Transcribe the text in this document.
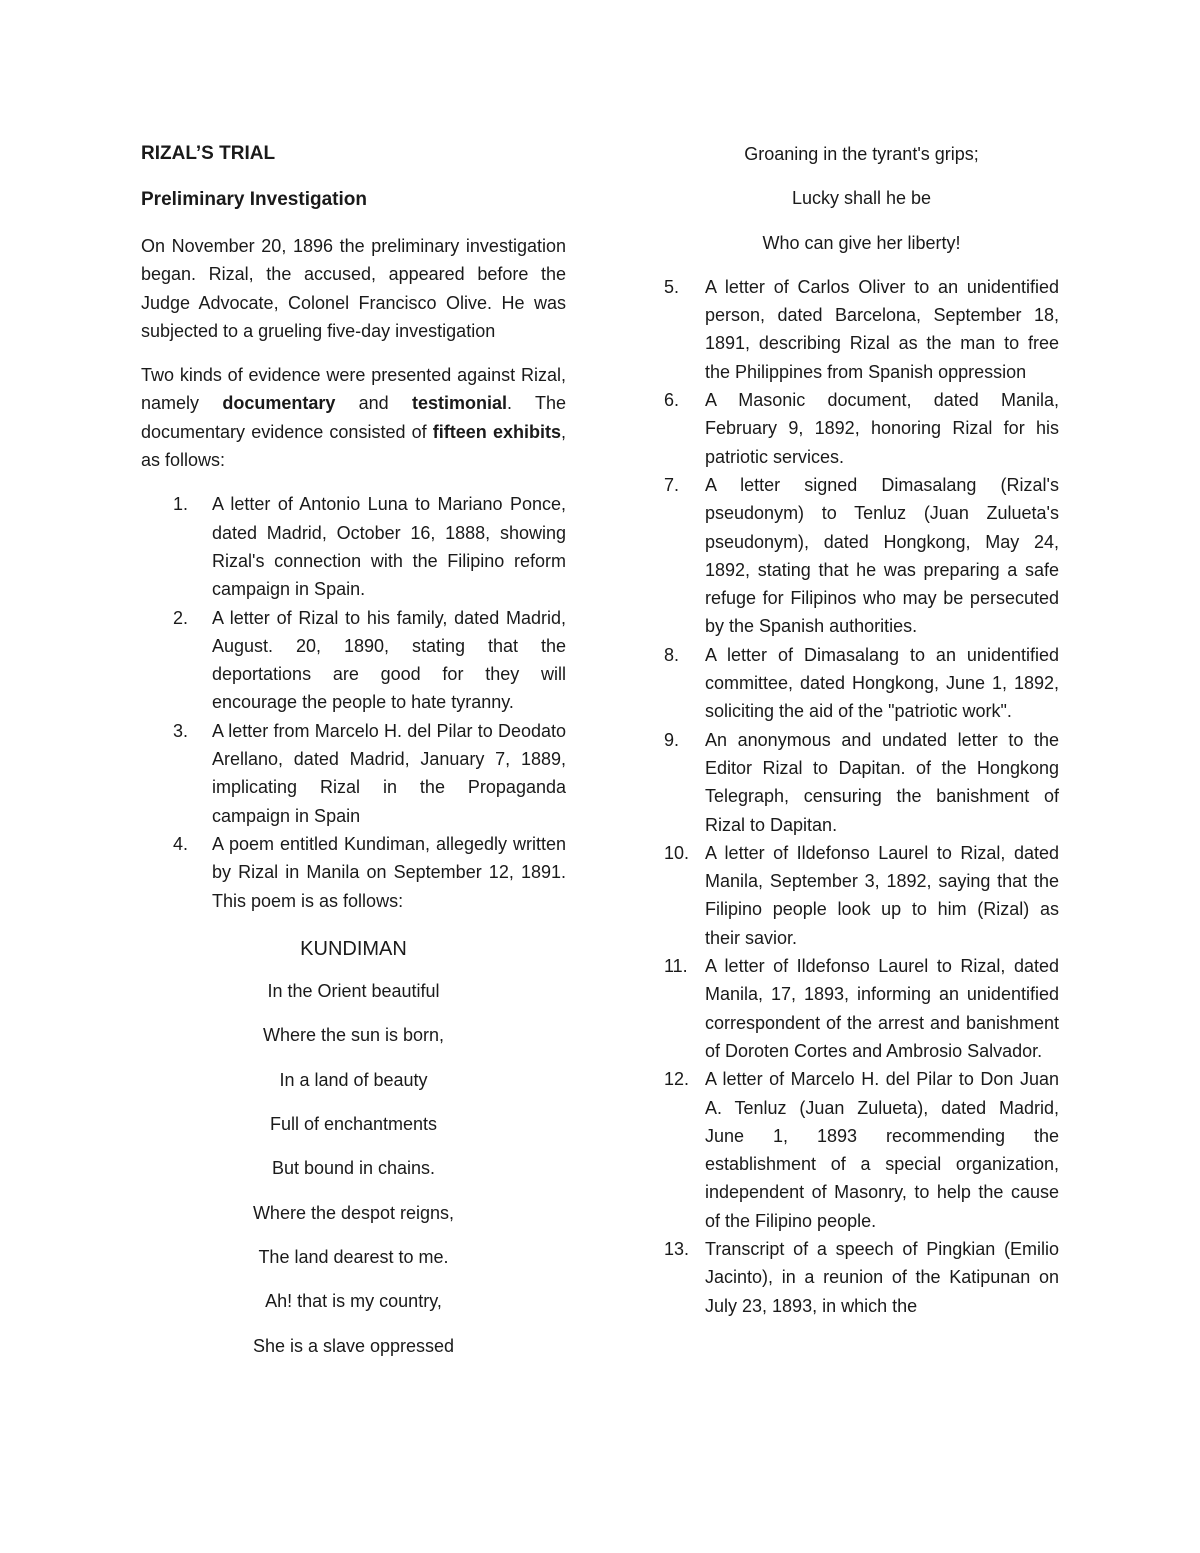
RIZAL’S TRIAL
Preliminary Investigation

On November 20, 1896 the preliminary investigation began. Rizal, the accused, appeared before the Judge Advocate, Colonel Francisco Olive. He was subjected to a grueling five-day investigation

Two kinds of evidence were presented against Rizal, namely documentary and testimonial. The documentary evidence consisted of fifteen exhibits, as follows:

1. A letter of Antonio Luna to Mariano Ponce, dated Madrid, October 16, 1888, showing Rizal's connection with the Filipino reform campaign in Spain.
2. A letter of Rizal to his family, dated Madrid, August. 20, 1890, stating that the deportations are good for they will encourage the people to hate tyranny.
3. A letter from Marcelo H. del Pilar to Deodato Arellano, dated Madrid, January 7, 1889, implicating Rizal in the Propaganda campaign in Spain
4. A poem entitled Kundiman, allegedly written by Rizal in Manila on September 12, 1891. This poem is as follows:
KUNDIMAN
In the Orient beautiful
Where the sun is born,
In a land of beauty
Full of enchantments
But bound in chains.
Where the despot reigns,
The land dearest to me.
Ah! that is my country,
She is a slave oppressed
Groaning in the tyrant's grips;
Lucky shall he be
Who can give her liberty!
5. A letter of Carlos Oliver to an unidentified person, dated Barcelona, September 18, 1891, describing Rizal as the man to free the Philippines from Spanish oppression
6. A Masonic document, dated Manila, February 9, 1892, honoring Rizal for his patriotic services.
7. A letter signed Dimasalang (Rizal's pseudonym) to Tenluz (Juan Zulueta's pseudonym), dated Hongkong, May 24, 1892, stating that he was preparing a safe refuge for Filipinos who may be persecuted by the Spanish authorities.
8. A letter of Dimasalang to an unidentified committee, dated Hongkong, June 1, 1892, soliciting the aid of the "patriotic work".
9. An anonymous and undated letter to the Editor Rizal to Dapitan. of the Hongkong Telegraph, censuring the banishment of Rizal to Dapitan.
10. A letter of Ildefonso Laurel to Rizal, dated Manila, September 3, 1892, saying that the Filipino people look up to him (Rizal) as their savior.
11. A letter of Ildefonso Laurel to Rizal, dated Manila, 17, 1893, informing an unidentified correspondent of the arrest and banishment of Doroten Cortes and Ambrosio Salvador.
12. A letter of Marcelo H. del Pilar to Don Juan A. Tenluz (Juan Zulueta), dated Madrid, June 1, 1893 recommending the establishment of a special organization, independent of Masonry, to help the cause of the Filipino people.
13. Transcript of a speech of Pingkian (Emilio Jacinto), in a reunion of the Katipunan on July 23, 1893, in which the
